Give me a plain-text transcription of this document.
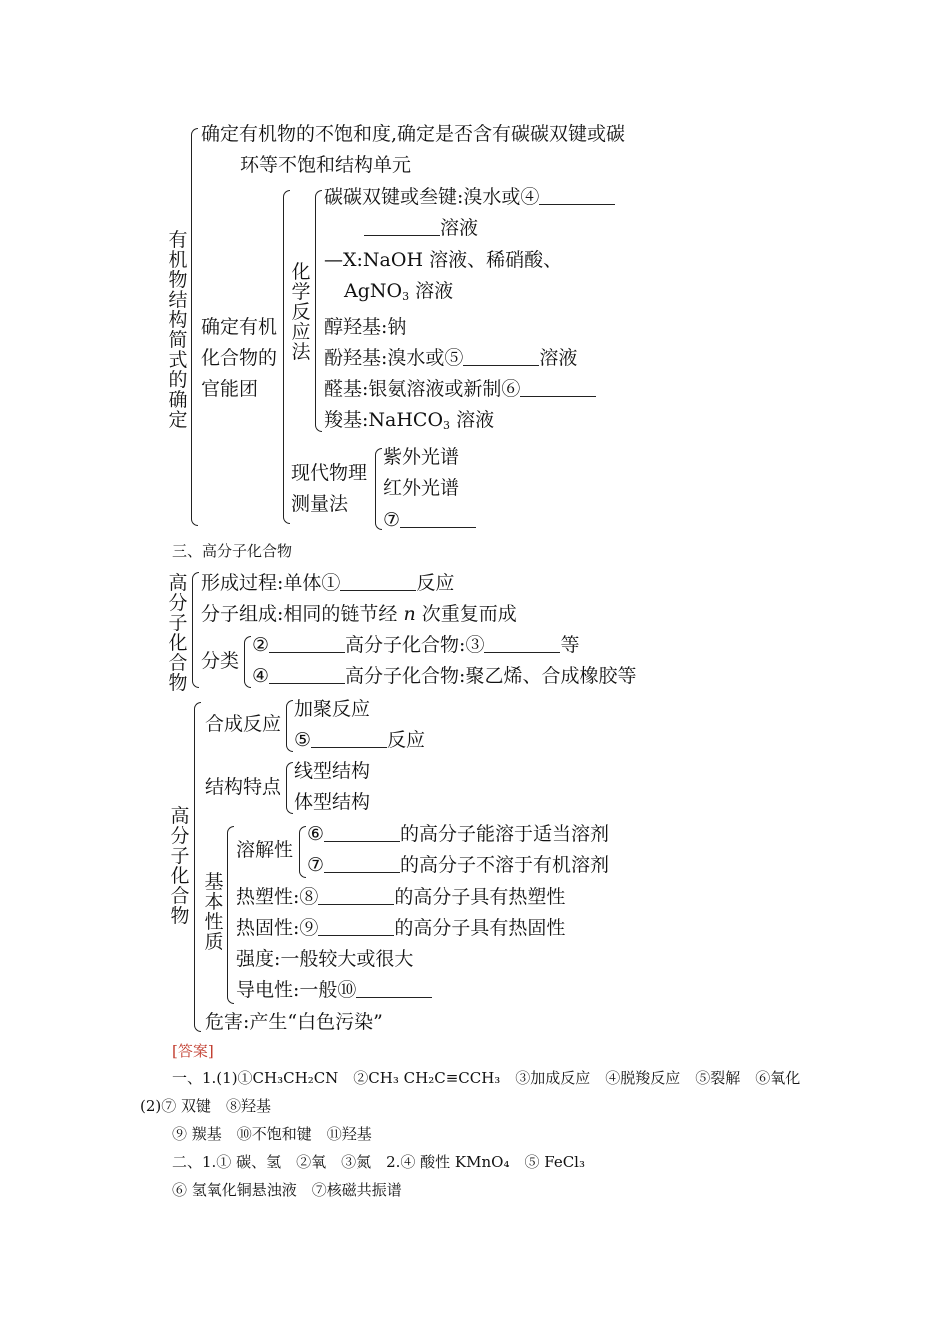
有机物结构简式的确定
确定有机物的不饱和度,确定是否含有碳碳双键或碳
环等不饱和结构单元
确定有机
化合物的
官能团
化学反应法
碳碳双键或叁键:溴水或④
溶液
—X:NaOH 溶液、稀硝酸、
AgNO$_3$ 溶液
醇羟基:钠
酚羟基:溴水或⑤	溶液
醛基:银氨溶液或新制⑥
羧基:NaHCO$_3$ 溶液
现代物理
测量法
紫外光谱
红外光谱
⑦
三、高分子化合物
高分子化合物
形成过程:单体①	反应
分子组成:相同的链节经 n 次重复而成
分类
②	高分子化合物:③	等
④	高分子化合物:聚乙烯、合成橡胶等
高分子化合物
合成反应
加聚反应
⑤	反应
结构特点
线型结构
体型结构
基本性质
溶解性
⑥	的高分子能溶于适当溶剂
⑦	的高分子不溶于有机溶剂
热塑性:⑧	的高分子具有热塑性
热固性:⑨	的高分子具有热固性
强度:一般较大或很大
导电性:一般⑩
危害:产生“白色污染”
[答案]
一、1.(1)①CH₃CH₂CN　②CH₃ CH₂C≡CCH₃　③加成反应　④脱羧反应　⑤裂解　⑥氧化
(2)⑦ 双键　⑧羟基
⑨ 羰基　⑩不饱和键　⑪羟基
二、1.① 碳、氢　②氧　③氮　2.④ 酸性 KMnO₄　⑤ FeCl₃
⑥ 氢氧化铜悬浊液　⑦核磁共振谱
